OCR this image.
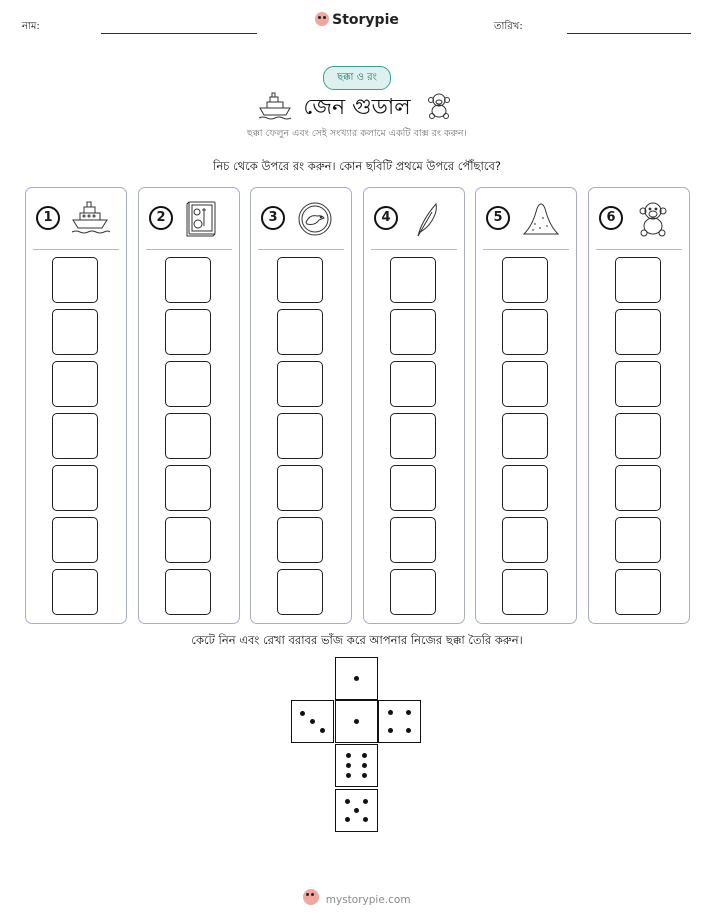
নাম:	Storypie	তারিখ:
ছক্কা ও রং
জেন গুডাল
ছক্কা ফেলুন এবং সেই সংখ্যার কলামে একটি বাক্স রং করুন।
নিচ থেকে উপরে রং করুন। কোন ছবিটি প্রথমে উপরে পৌঁছাবে?
1	2	3	4	5	6
কেটে নিন এবং রেখা বরাবর ভাঁজ করে আপনার নিজের ছক্কা তৈরি করুন।
mystorypie.com
